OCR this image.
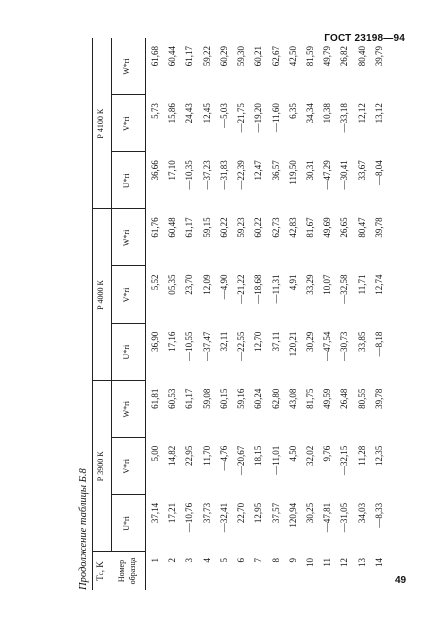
ГОСТ 23198—94
Продолжение таблицы Б.8 Tc, K Номер образца
Р 3900 К
Р 4000 К
Р 4100 К
U*ri
V*ri
W*ri
U*ri
V*ri
W*ri
U*ri
V*ri
W*ri
1
37,14
5,00
61,81
36,90
5,52
61,76
36,66
5,73
61,68
2
17,21
14,82
60,53
17,16
05,35
60,48
17,10
15,86
60,44
3
—10,76
22,95
61,17
—10,55
23,70
61,17
—10,35
24,43
61,17
4
37,73
11,70
59,08
—37,47
12,09
59,15
—37,23
12,45
59,22
5
—32,41
—4,76
60,15
32,11
—4,90
60,22
—31,83
—5,03
60,29
6
22,70
—20,67
59,16
—22,55
—21,22
59,23
—22,39
—21,75
59,30
7
12,95
18,15
60,24
12,70
—18,68
60,22
12,47
—19,20
60,21
8
37,57
—11,01
62,80
37,11
—11,31
62,73
36,57
—11,60
62,67
9
120,94
4,50
43,08
120,21
4,91
42,83
119,50
6,35
42,50
10
30,25
32,02
81,75
30,29
33,29
81,67
30,31
34,34
81,59
11
—47,81
9,76
49,59
—47,54
10,07
49,69
—47,29
10,38
49,79
12
—31,05
—32,15
26,48
—30,73
—32,58
26,65
—30,41
—33,18
26,82
13
34,03
11,28
80,55
33,85
11,71
80,47
33,67
12,12
80,40
14
—8,33
12,35
39,78
—8,18
12,74
39,78
—8,04
13,12
39,79
49
